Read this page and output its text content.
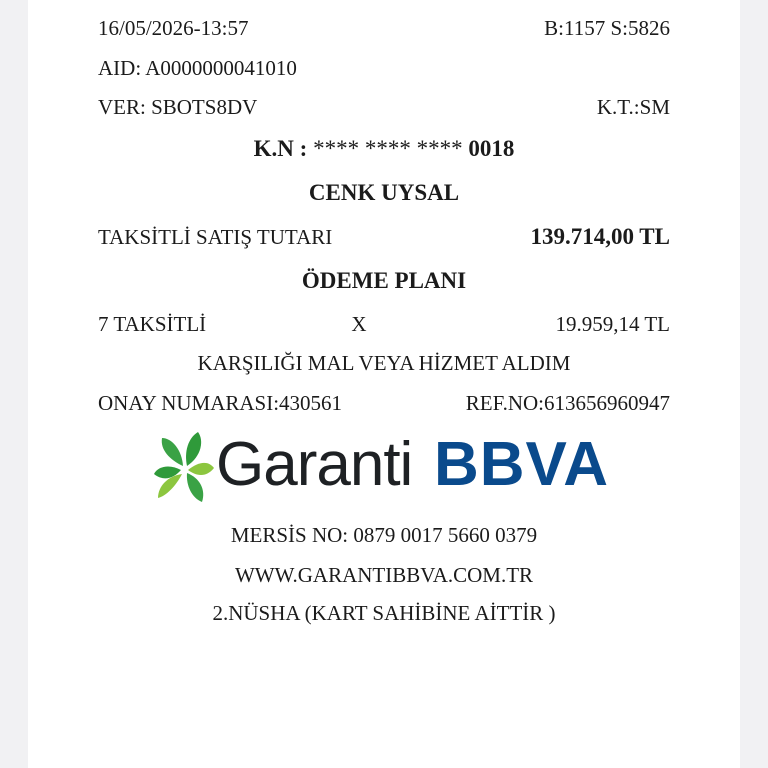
16/05/2026-13:57	B:1157 S:5826
AID: A0000000041010
VER: SBOTS8DV	K.T.:SM
K.N : **** **** **** 0018
CENK UYSAL
TAKSİTLİ SATIŞ TUTARI	139.714,00 TL
ÖDEME PLANI
7 TAKSİTLİ	X	19.959,14 TL
KARŞILIĞI MAL VEYA HİZMET ALDIM
ONAY NUMARASI:430561	REF.NO:613656960947
Garanti BBVA
MERSİS NO: 0879 0017 5660 0379
WWW.GARANTIBBVA.COM.TR
2.NÜSHA (KART SAHİBİNE AİTTİR )
